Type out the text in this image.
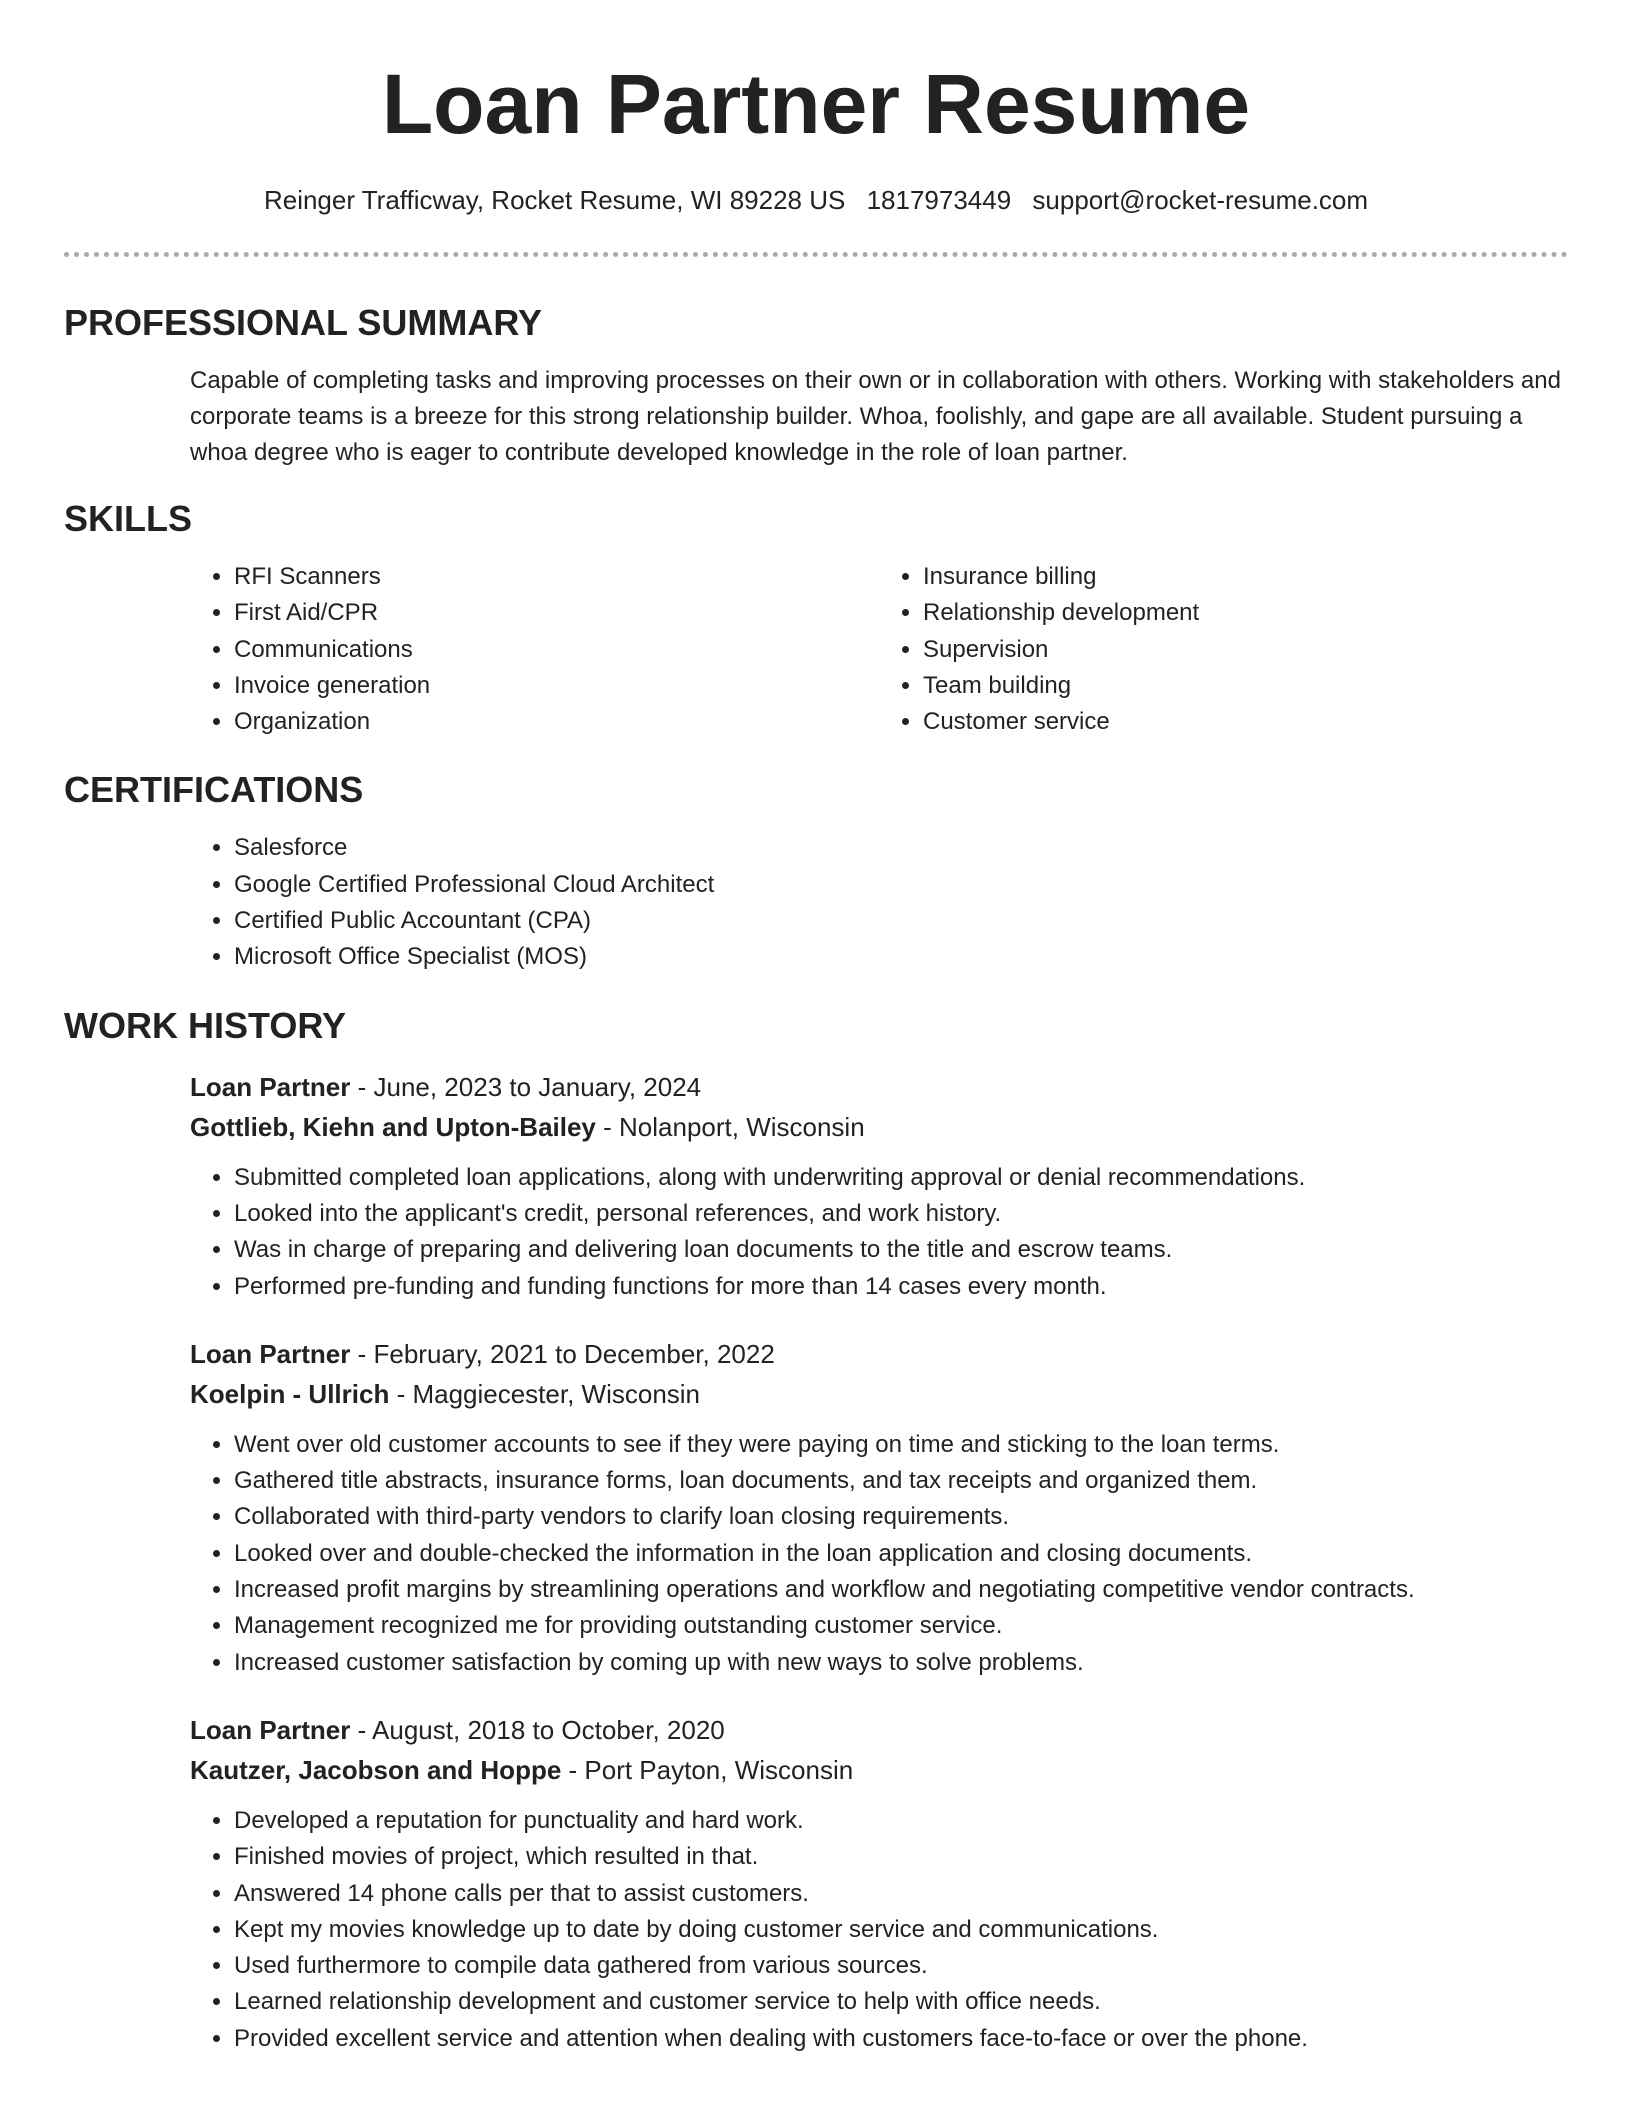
Loan Partner Resume
Reinger Trafficway, Rocket Resume, WI 89228 US 1817973449 support@rocket-resume.com
PROFESSIONAL SUMMARY

Capable of completing tasks and improving processes on their own or in collaboration with others. Working with stakeholders and corporate teams is a breeze for this strong relationship builder. Whoa, foolishly, and gape are all available. Student pursuing a whoa degree who is eager to contribute developed knowledge in the role of loan partner.

SKILLS
• RFI Scanners
• First Aid/CPR
• Communications
• Invoice generation
• Organization
• Insurance billing
• Relationship development
• Supervision
• Team building
• Customer service
CERTIFICATIONS
• Salesforce
• Google Certified Professional Cloud Architect
• Certified Public Accountant (CPA)
• Microsoft Office Specialist (MOS)
WORK HISTORY
Loan Partner - June, 2023 to January, 2024
Gottlieb, Kiehn and Upton-Bailey - Nolanport, Wisconsin
• Submitted completed loan applications, along with underwriting approval or denial recommendations.
• Looked into the applicant's credit, personal references, and work history.
• Was in charge of preparing and delivering loan documents to the title and escrow teams.
• Performed pre-funding and funding functions for more than 14 cases every month.
Loan Partner - February, 2021 to December, 2022
Koelpin - Ullrich - Maggiecester, Wisconsin
• Went over old customer accounts to see if they were paying on time and sticking to the loan terms.
• Gathered title abstracts, insurance forms, loan documents, and tax receipts and organized them.
• Collaborated with third-party vendors to clarify loan closing requirements.
• Looked over and double-checked the information in the loan application and closing documents.
• Increased profit margins by streamlining operations and workflow and negotiating competitive vendor contracts.
• Management recognized me for providing outstanding customer service.
• Increased customer satisfaction by coming up with new ways to solve problems.
Loan Partner - August, 2018 to October, 2020
Kautzer, Jacobson and Hoppe - Port Payton, Wisconsin
• Developed a reputation for punctuality and hard work.
• Finished movies of project, which resulted in that.
• Answered 14 phone calls per that to assist customers.
• Kept my movies knowledge up to date by doing customer service and communications.
• Used furthermore to compile data gathered from various sources.
• Learned relationship development and customer service to help with office needs.
• Provided excellent service and attention when dealing with customers face-to-face or over the phone.
